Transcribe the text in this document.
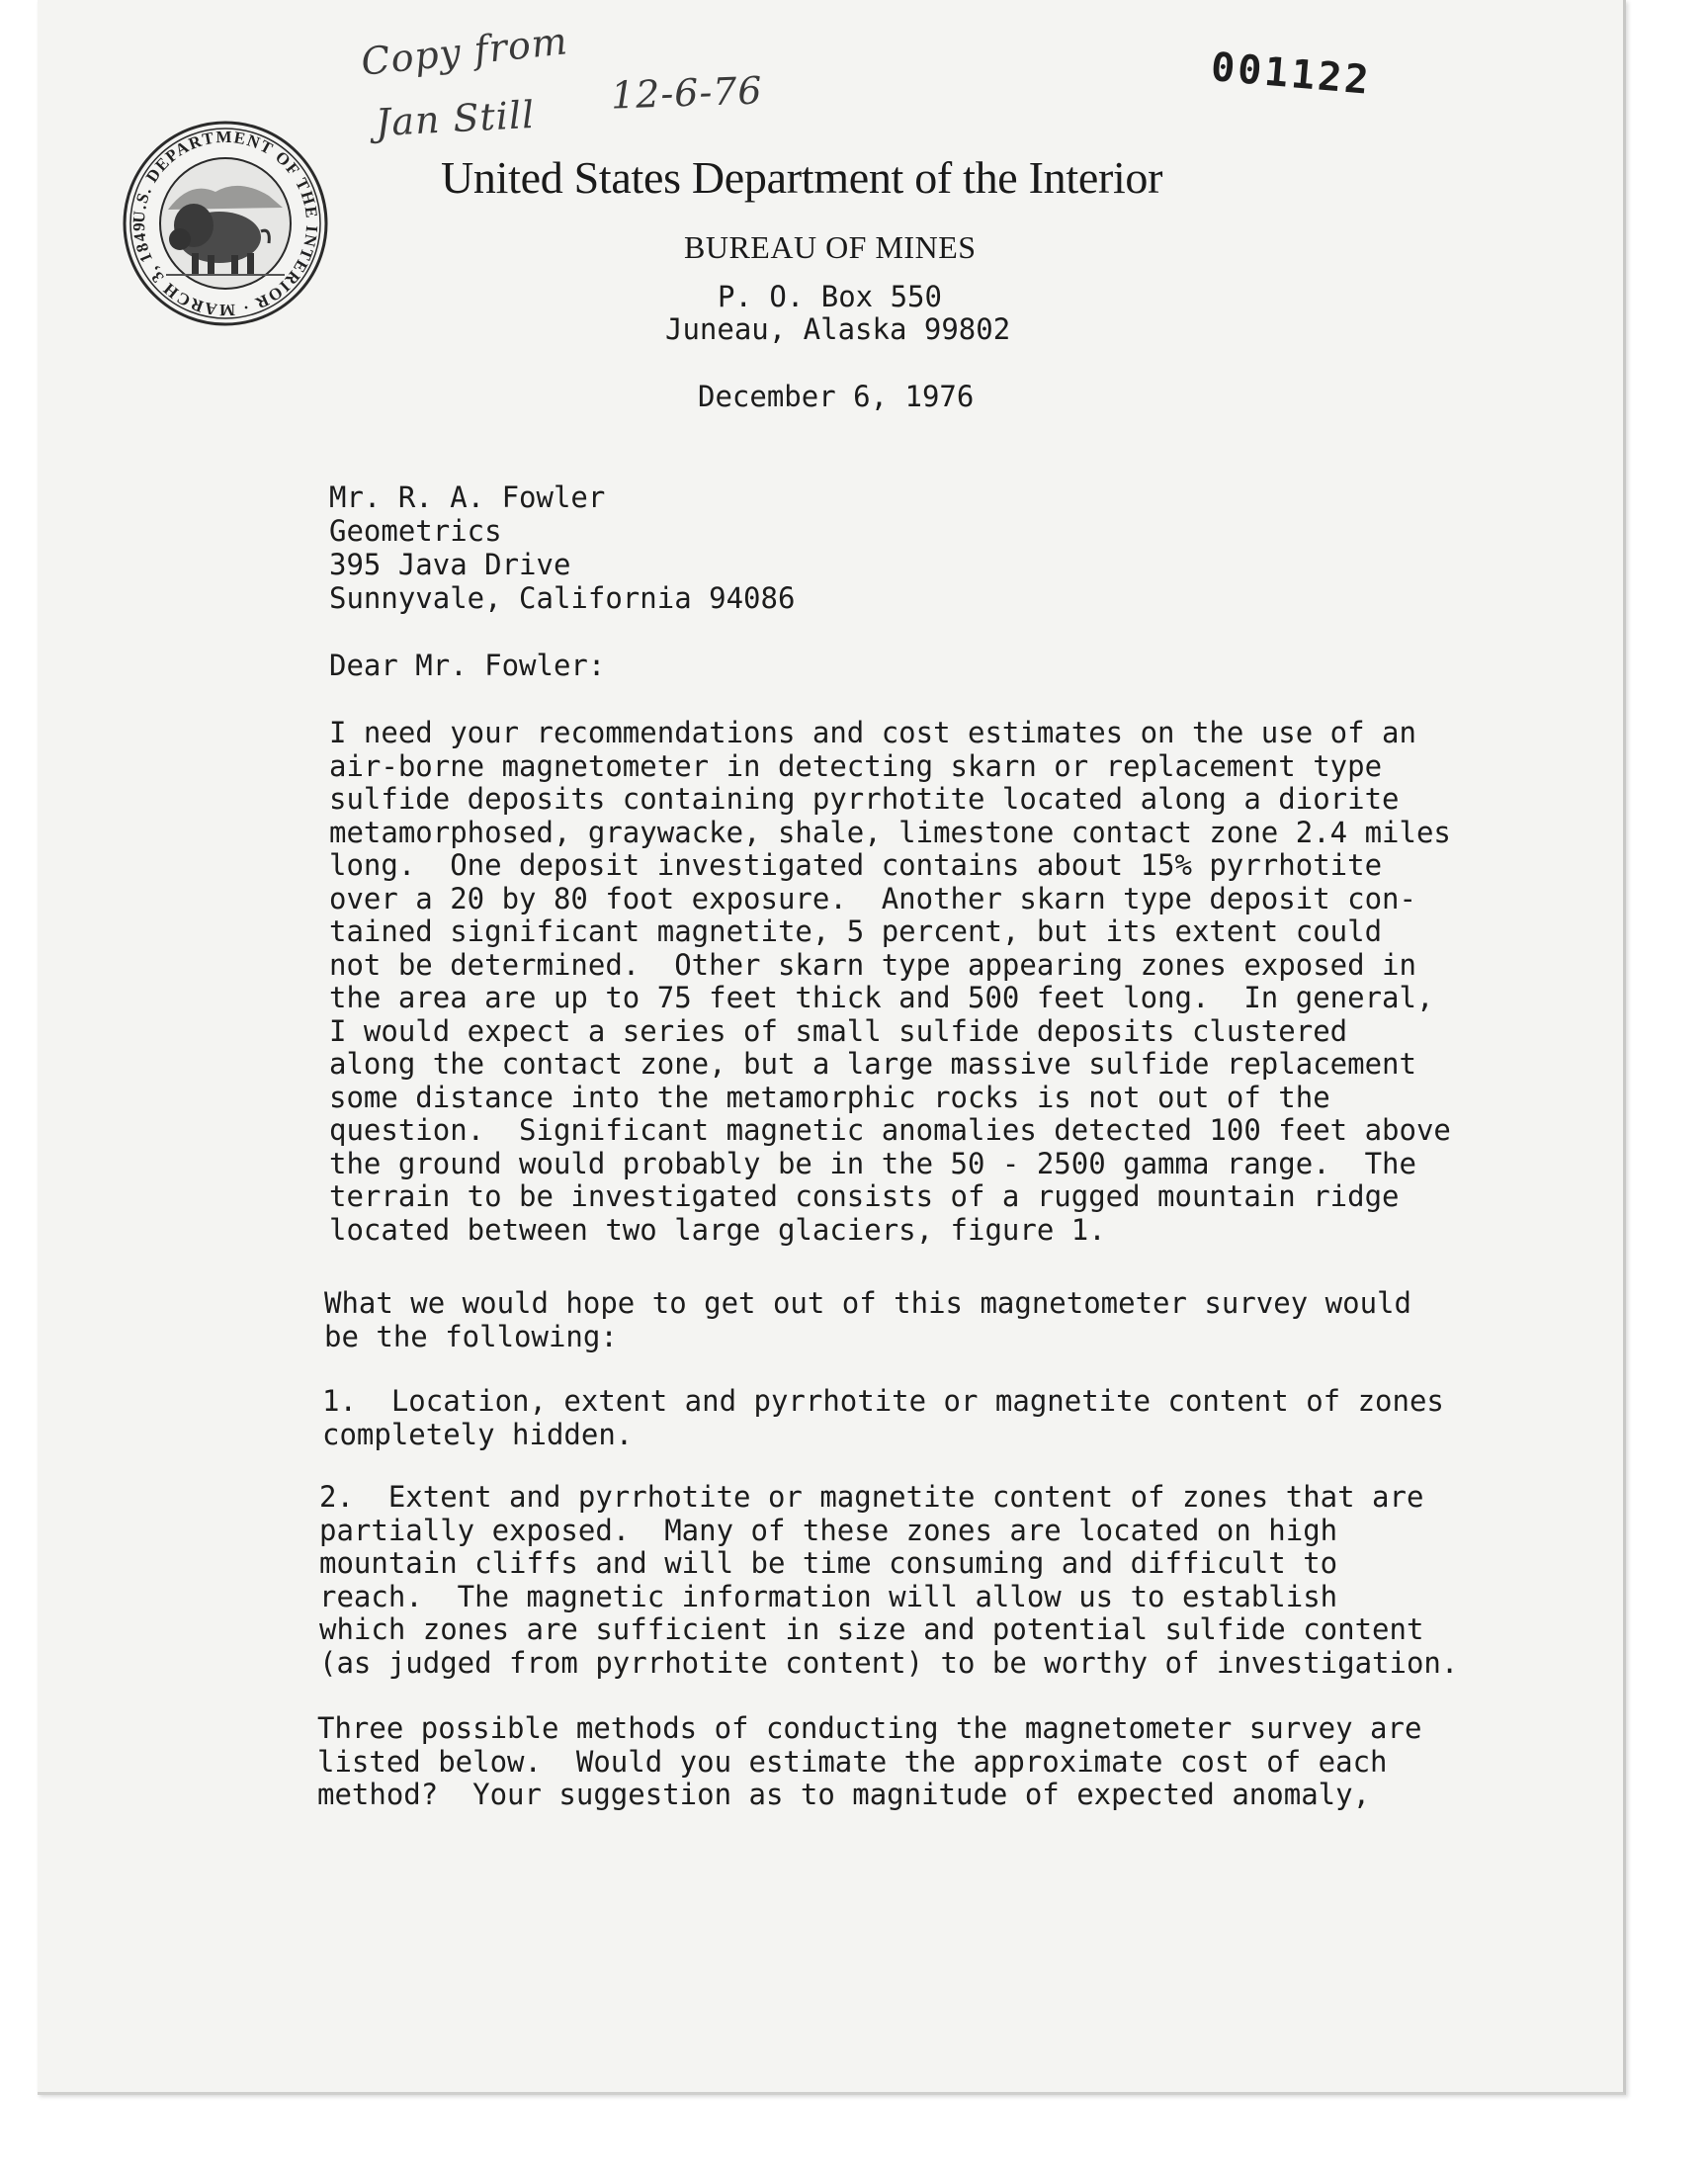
Copy from
Jan Still 12-6-76	001122
U.S. DEPARTMENT OF THE INTERIOR · MARCH 3, 1849
United States Department of the Interior
BUREAU OF MINES
P. O. Box 550
Juneau, Alaska 99802
December 6, 1976
Mr. R. A. Fowler
Geometrics
395 Java Drive
Sunnyvale, California 94086
Dear Mr. Fowler:
I need your recommendations and cost estimates on the use of an
air-borne magnetometer in detecting skarn or replacement type
sulfide deposits containing pyrrhotite located along a diorite
metamorphosed, graywacke, shale, limestone contact zone 2.4 miles
long.  One deposit investigated contains about 15% pyrrhotite
over a 20 by 80 foot exposure.  Another skarn type deposit con-
tained significant magnetite, 5 percent, but its extent could
not be determined.  Other skarn type appearing zones exposed in
the area are up to 75 feet thick and 500 feet long.  In general,
I would expect a series of small sulfide deposits clustered
along the contact zone, but a large massive sulfide replacement
some distance into the metamorphic rocks is not out of the
question.  Significant magnetic anomalies detected 100 feet above
the ground would probably be in the 50 - 2500 gamma range.  The
terrain to be investigated consists of a rugged mountain ridge
located between two large glaciers, figure 1.
What we would hope to get out of this magnetometer survey would
be the following:
1.  Location, extent and pyrrhotite or magnetite content of zones
completely hidden.
2.  Extent and pyrrhotite or magnetite content of zones that are
partially exposed.  Many of these zones are located on high
mountain cliffs and will be time consuming and difficult to
reach.  The magnetic information will allow us to establish
which zones are sufficient in size and potential sulfide content
(as judged from pyrrhotite content) to be worthy of investigation.
Three possible methods of conducting the magnetometer survey are
listed below.  Would you estimate the approximate cost of each
method?  Your suggestion as to magnitude of expected anomaly,
